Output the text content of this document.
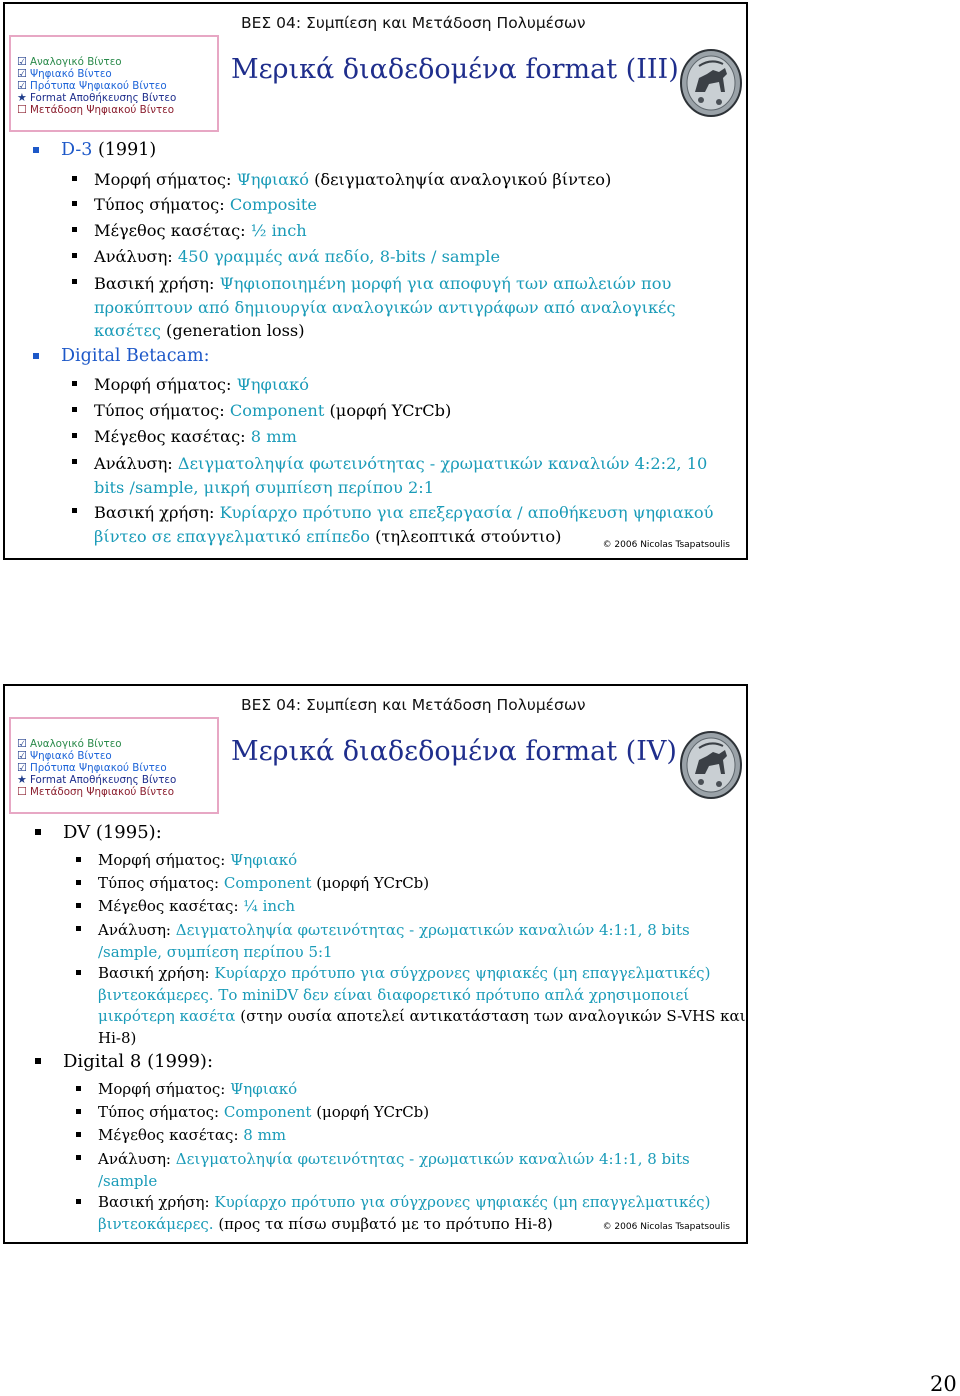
ΒΕΣ 04: Συμπίεση και Μετάδοση Πολυμέσων
☑ Αναλογικό Βίντεο
☑ Ψηφιακό Βίντεο
☑ Πρότυπα Ψηφιακού Βίντεο
★ Format Αποθήκευσης Βίντεο
☐ Μετάδοση Ψηφιακού Βίντεο
Μερικά διαδεδομένα format (ΙΙΙ)
D-3 (1991)
Μορφή σήματος: Ψηφιακό (δειγματοληψία αναλογικού βίντεο)
Τύπος σήματος: Composite
Μέγεθος κασέτας: ½ inch
Ανάλυση: 450 γραμμές ανά πεδίο, 8-bits / sample
Βασική χρήση: Ψηφιοποιημένη μορφή για αποφυγή των απωλειών που
προκύπτουν από δημιουργία αναλογικών αντιγράφων από αναλογικές
κασέτες (generation loss)
Digital Betacam:
Μορφή σήματος: Ψηφιακό
Τύπος σήματος: Component (μορφή YCrCb)
Μέγεθος κασέτας: 8 mm
Ανάλυση: Δειγματοληψία φωτεινότητας - χρωματικών καναλιών 4:2:2, 10
bits /sample, μικρή συμπίεση περίπου 2:1
Βασική χρήση: Κυρίαρχο πρότυπο για επεξεργασία / αποθήκευση ψηφιακού
βίντεο σε επαγγελματικό επίπεδο (τηλεοπτικά στούντιο)	© 2006 Nicolas Tsapatsoulis
ΒΕΣ 04: Συμπίεση και Μετάδοση Πολυμέσων
☑ Αναλογικό Βίντεο
☑ Ψηφιακό Βίντεο
☑ Πρότυπα Ψηφιακού Βίντεο
★ Format Αποθήκευσης Βίντεο
☐ Μετάδοση Ψηφιακού Βίντεο
Μερικά διαδεδομένα format (ΙV)
DV (1995):
Μορφή σήματος: Ψηφιακό
Τύπος σήματος: Component (μορφή YCrCb)
Μέγεθος κασέτας: ¼ inch
Ανάλυση: Δειγματοληψία φωτεινότητας - χρωματικών καναλιών 4:1:1, 8 bits
/sample, συμπίεση περίπου 5:1
Βασική χρήση: Κυρίαρχο πρότυπο για σύγχρονες ψηφιακές (μη επαγγελματικές)
βιντεοκάμερες. Το miniDV δεν είναι διαφορετικό πρότυπο απλά χρησιμοποιεί
μικρότερη κασέτα (στην ουσία αποτελεί αντικατάσταση των αναλογικών S-VHS και
Hi-8)
Digital 8 (1999):
Μορφή σήματος: Ψηφιακό
Τύπος σήματος: Component (μορφή YCrCb)
Μέγεθος κασέτας: 8 mm
Ανάλυση: Δειγματοληψία φωτεινότητας - χρωματικών καναλιών 4:1:1, 8 bits
/sample
Βασική χρήση: Κυρίαρχο πρότυπο για σύγχρονες ψηφιακές (μη επαγγελματικές)
βιντεοκάμερες. (προς τα πίσω συμβατό με το πρότυπο Hi-8)	© 2006 Nicolas Tsapatsoulis
20
